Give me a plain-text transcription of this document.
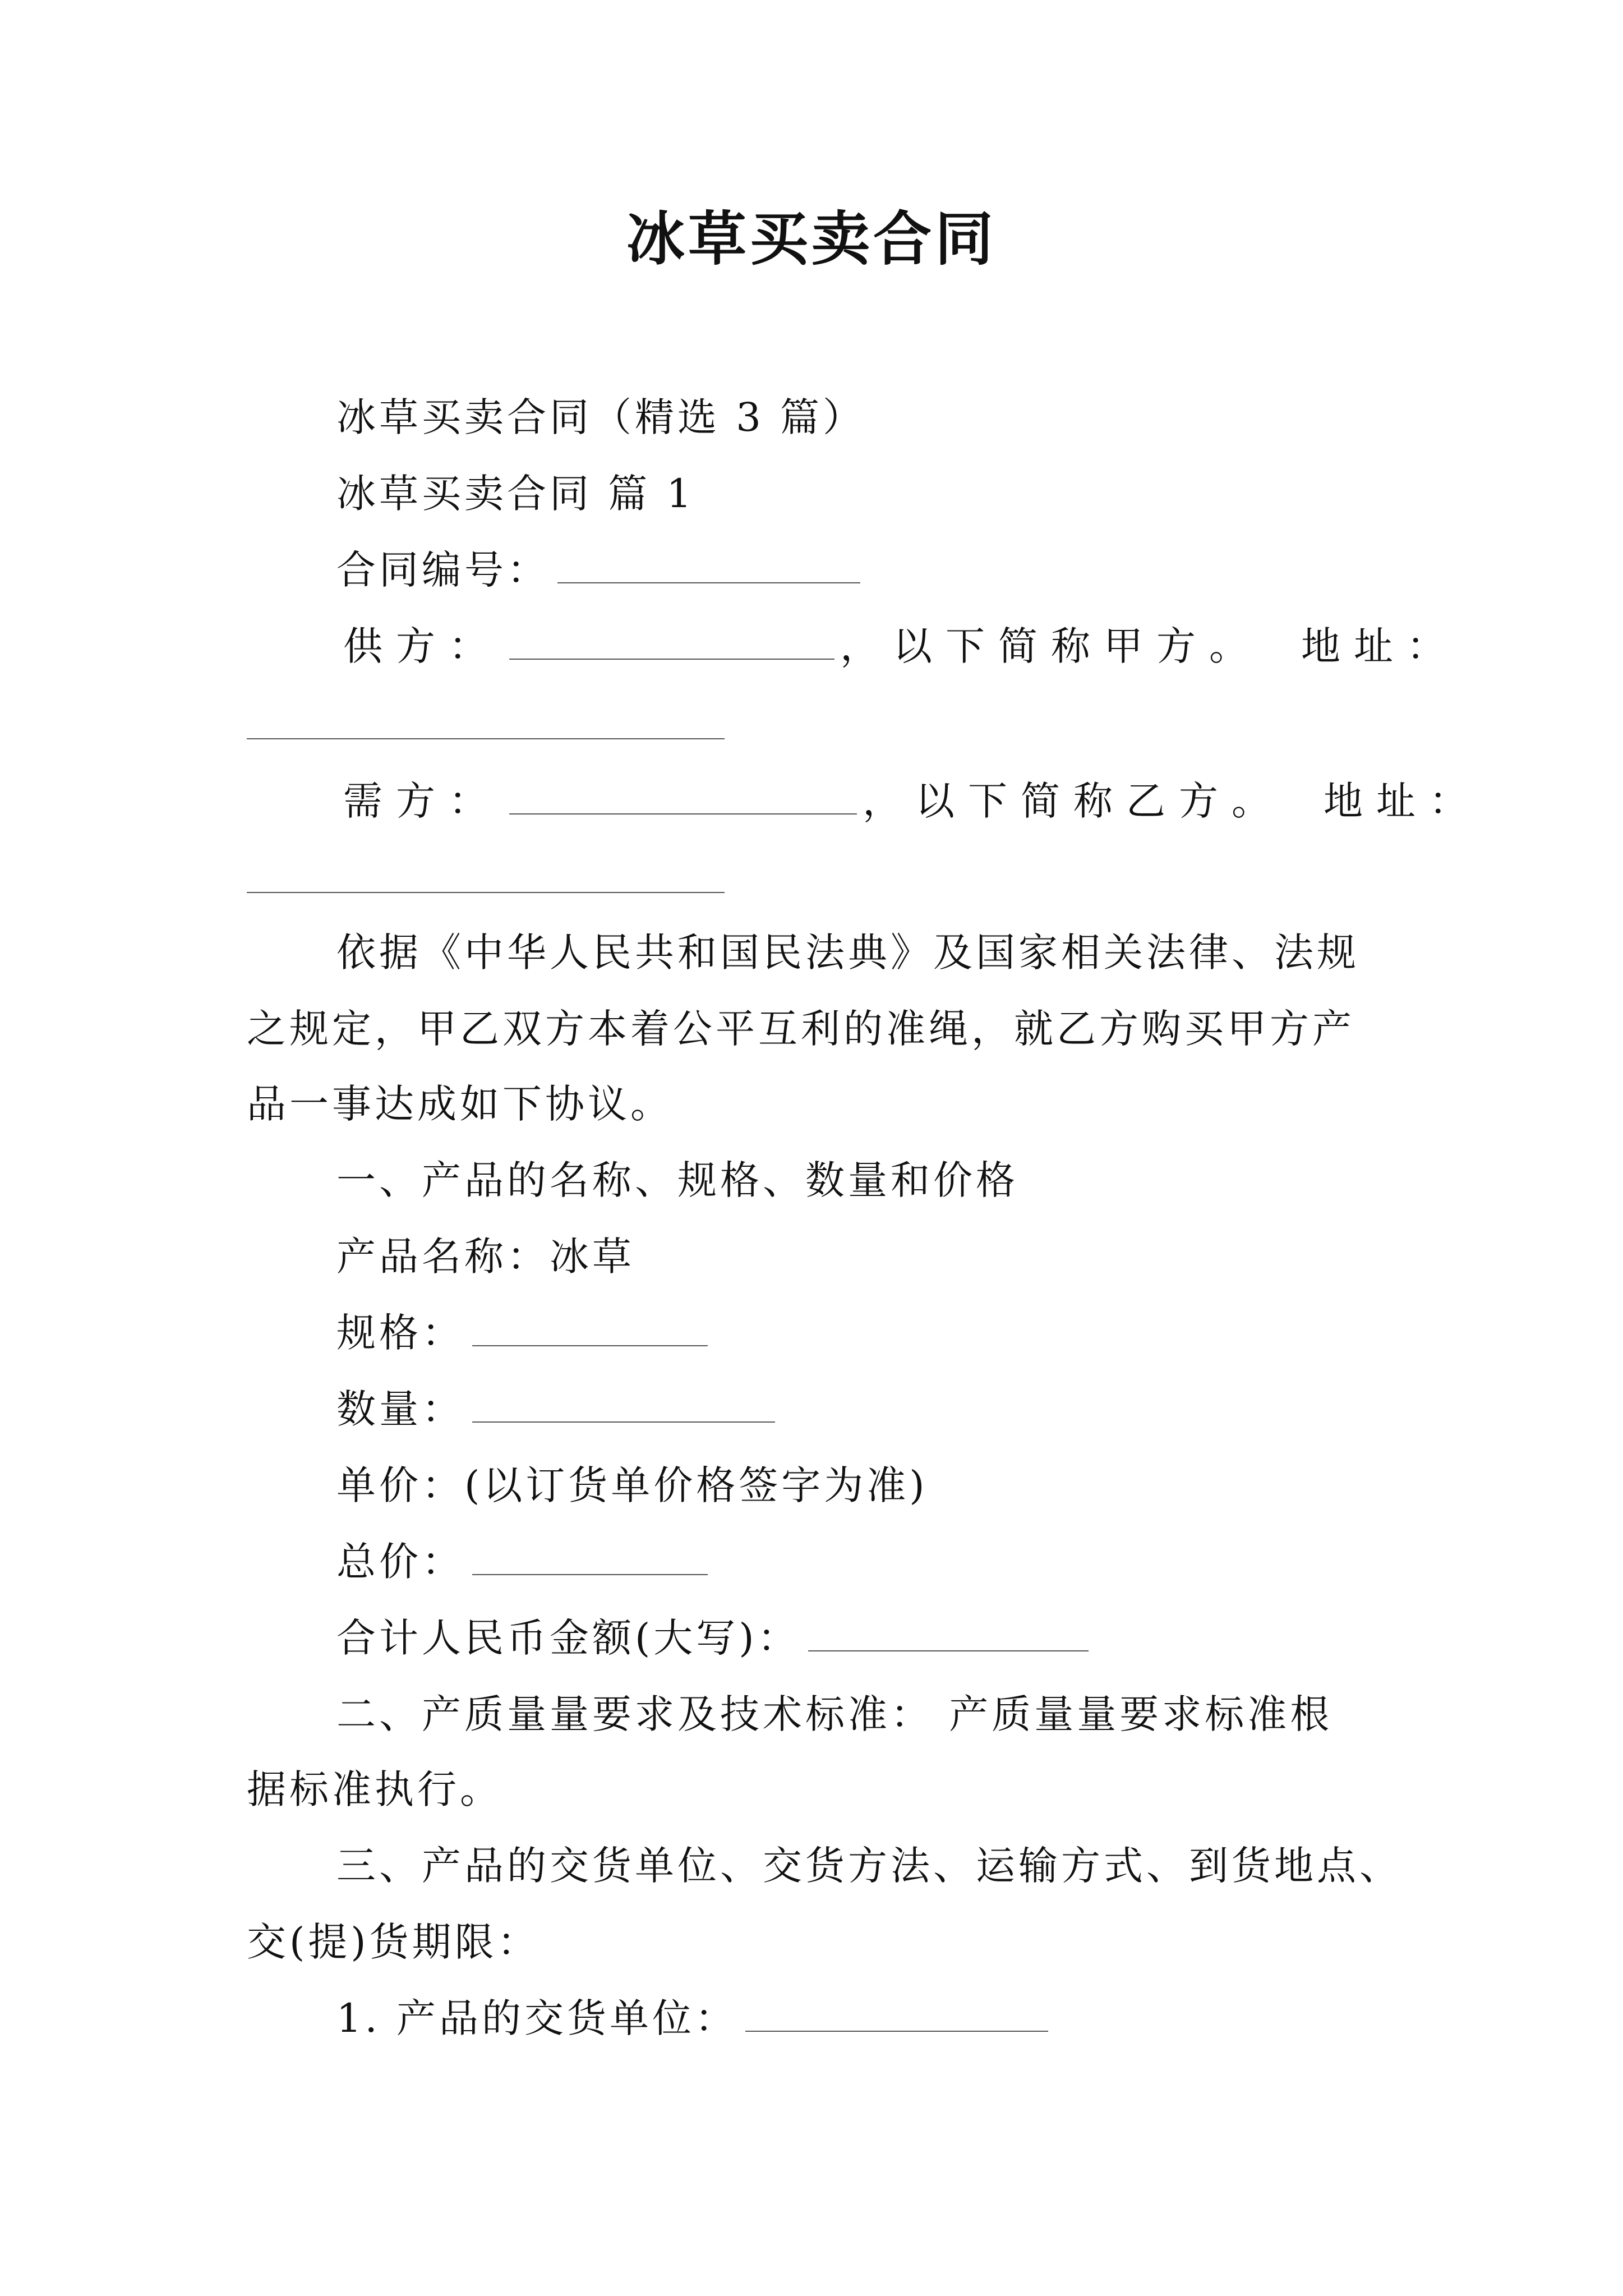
冰草买卖合同
冰草买卖合同（精选 3 篇）
冰草买卖合同 篇 1
合同编号：
供方：	，以下简称甲方。 地址：
需方：	，以下简称乙方。 地址：
依据《中华人民共和国民法典》及国家相关法律、法规
之规定，甲乙双方本着公平互利的准绳，就乙方购买甲方产
品一事达成如下协议。
一、产品的名称、规格、数量和价格
产品名称：冰草
规格：
数量：
单价：(以订货单价格签字为准)
总价：
合计人民币金额(大写)：
二、产质量量要求及技术标准： 产质量量要求标准根
据标准执行。
三、产品的交货单位、交货方法、运输方式、到货地点、
交(提)货期限：
1. 产品的交货单位：
